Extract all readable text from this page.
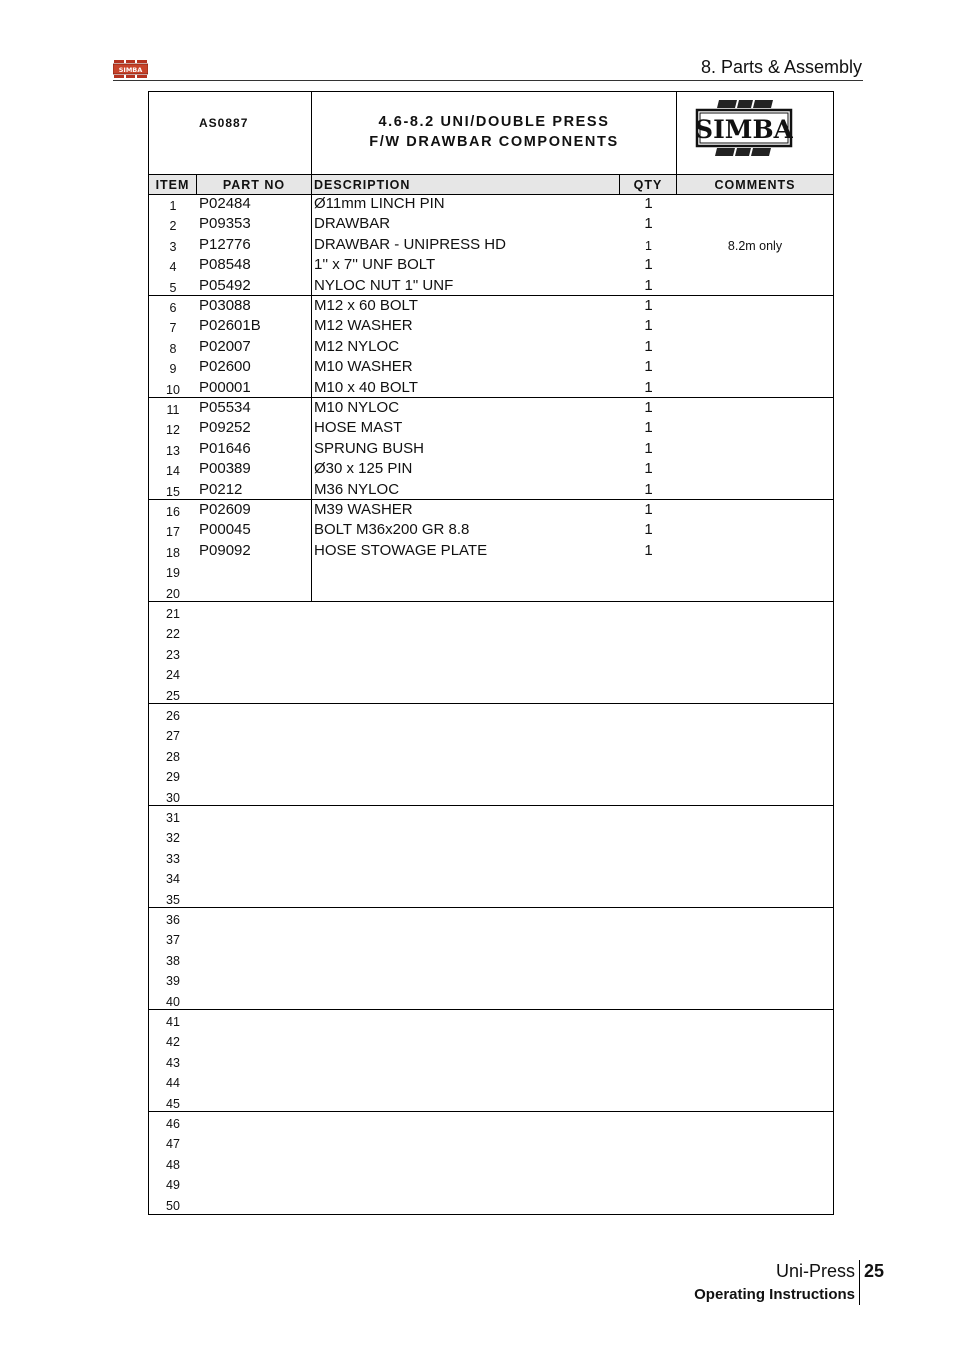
SIMBA	8. Parts & Assembly
AS0887	4.6-8.2 UNI/DOUBLE PRESS
F/W DRAWBAR COMPONENTS	SIMBA
ITEM	PART NO	DESCRIPTION	QTY	COMMENTS
1	P02484	Ø11mm LINCH PIN	1
2	P09353	DRAWBAR	1
3	P12776	DRAWBAR - UNIPRESS HD	1	8.2m only
4	P08548	1'' x 7'' UNF BOLT	1
5	P05492	NYLOC NUT 1" UNF	1
6	P03088	M12 x 60 BOLT	1
7	P02601B	M12 WASHER	1
8	P02007	M12 NYLOC	1
9	P02600	M10 WASHER	1
10	P00001	M10 x 40 BOLT	1
11	P05534	M10 NYLOC	1
12	P09252	HOSE MAST	1
13	P01646	SPRUNG BUSH	1
14	P00389	Ø30 x 125 PIN	1
15	P0212	M36 NYLOC	1
16	P02609	M39 WASHER	1
17	P00045	BOLT M36x200 GR 8.8	1
18	P09092	HOSE STOWAGE PLATE	1
19
20
21
22
23
24
25
26
27
28
29
30
31
32
33
34
35
36
37
38
39
40
41
42
43
44
45
46
47
48
49
50
Uni-Press 25
Operating Instructions
